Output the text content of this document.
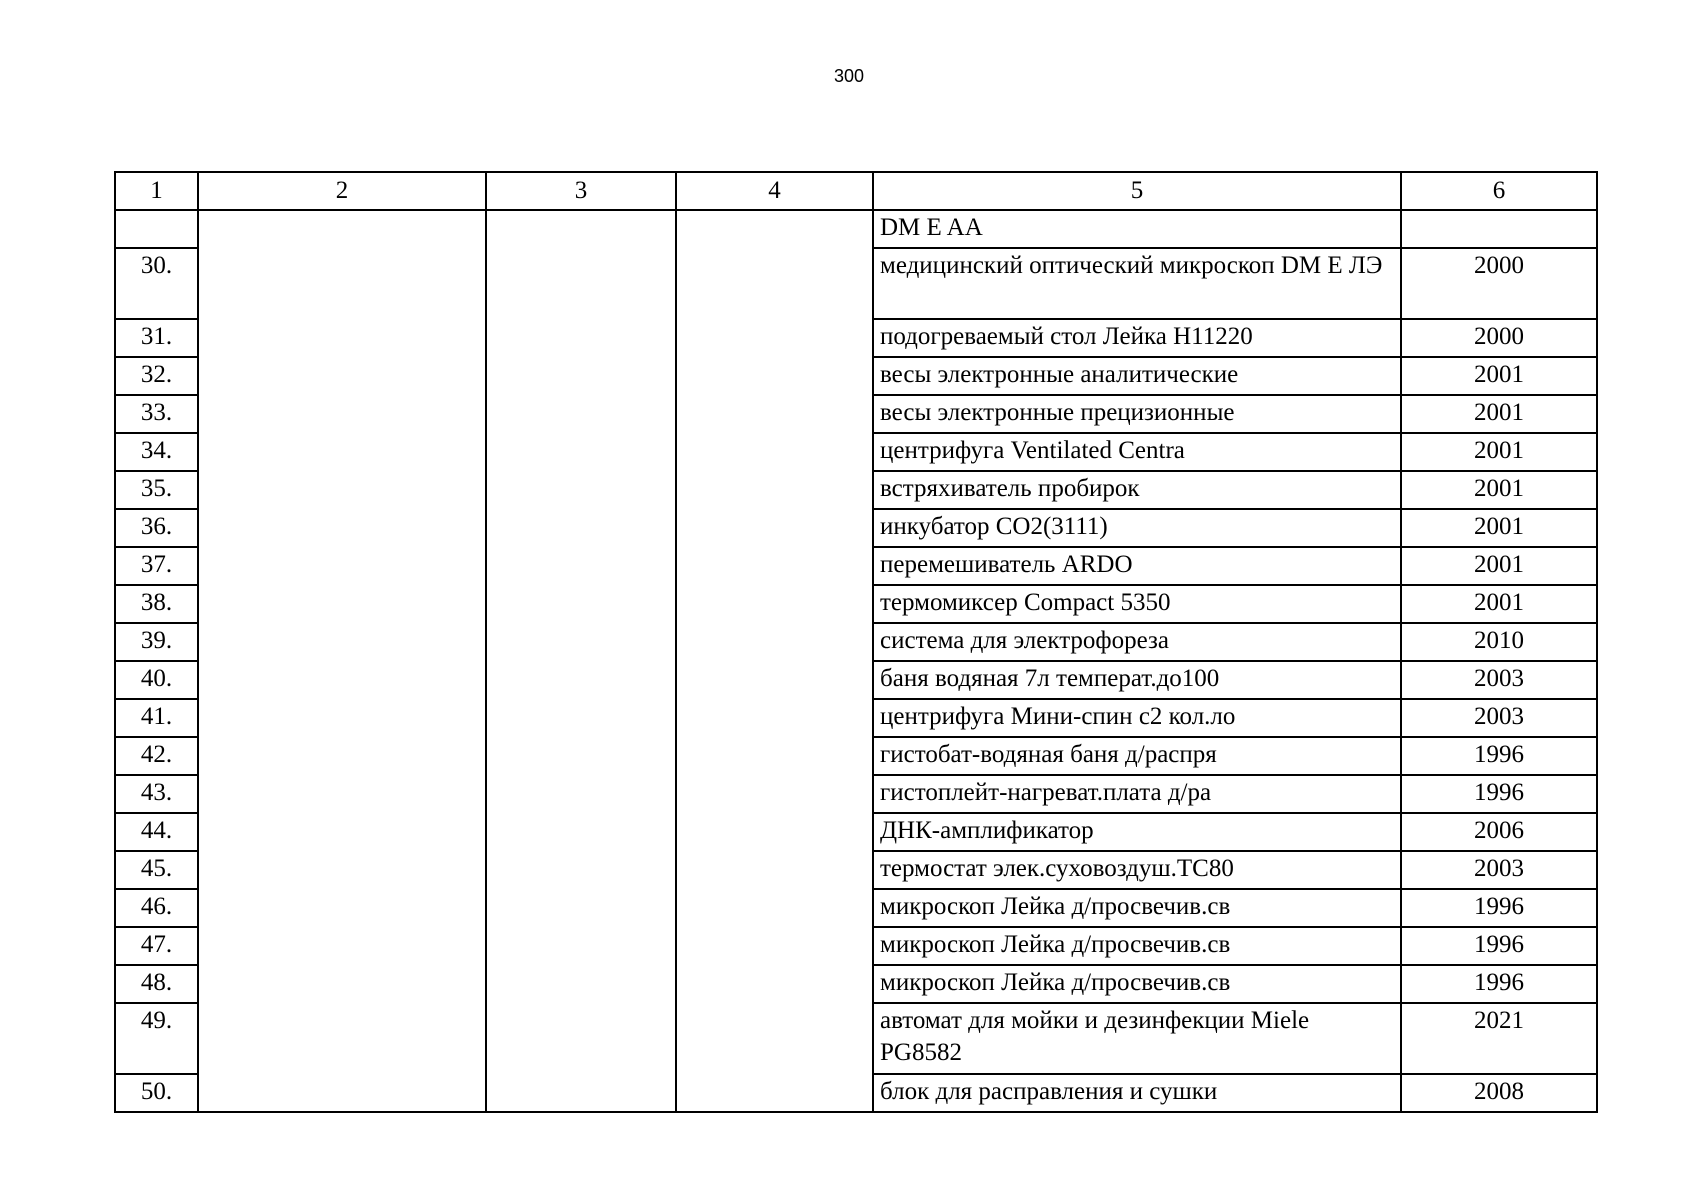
300
1	2	3	4	5	6
				DM E AA	
30.				медицинский оптический микроскоп DM E ЛЭ	2000
31.				подогреваемый стол Лейка Н11220	2000
32.				весы электронные аналитические	2001
33.				весы электронные прецизионные	2001
34.				центрифуга Ventilated Centra	2001
35.				встряхиватель пробирок	2001
36.				инкубатор СО2(3111)	2001
37.				перемешиватель ARDO	2001
38.				термомиксер Compact 5350	2001
39.				система для электрофореза	2010
40.				баня водяная 7л температ.до100	2003
41.				центрифуга Мини-спин с2 кол.ло	2003
42.				гистобат-водяная баня д/распря	1996
43.				гистоплейт-нагреват.плата д/ра	1996
44.				ДНК-амплификатор	2006
45.				термостат элек.суховоздуш.ТС80	2003
46.				микроскоп Лейка д/просвечив.св	1996
47.				микроскоп Лейка д/просвечив.св	1996
48.				микроскоп Лейка д/просвечив.св	1996
49.				автомат для мойки и дезинфекции Miele PG8582	2021
50.				блок для расправления и сушки	2008
